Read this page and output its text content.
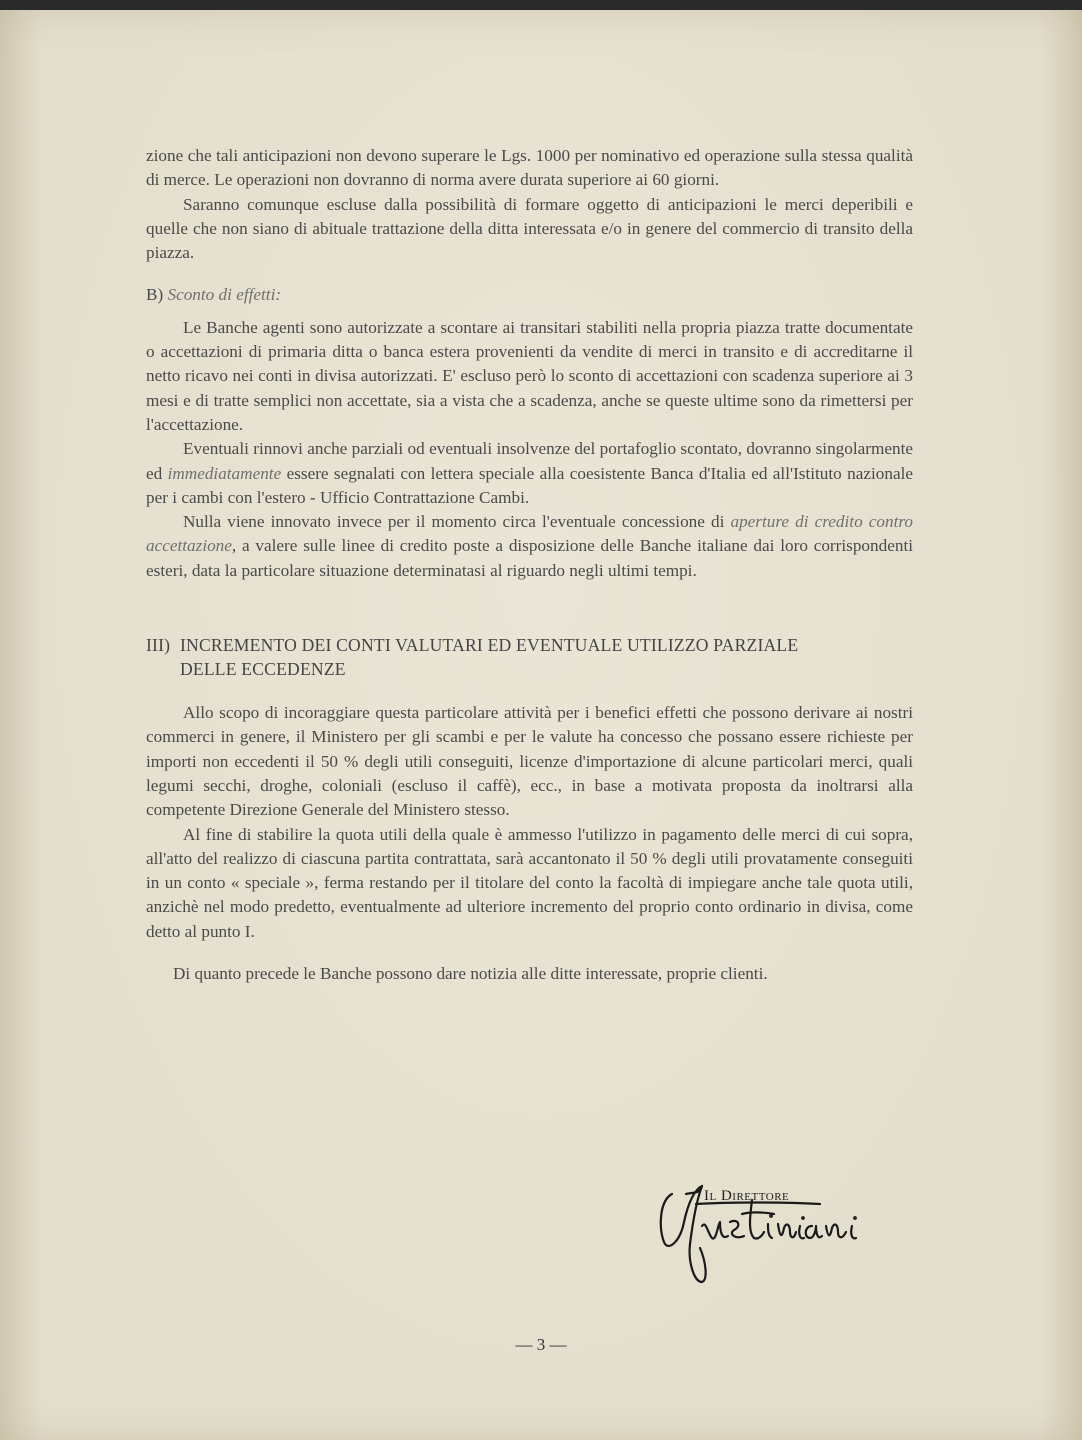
zione che tali anticipazioni non devono superare le Lgs. 1000 per nominativo ed operazione sulla stessa qualità di merce. Le operazioni non dovranno di norma avere durata superiore ai 60 giorni.

Saranno comunque escluse dalla possibilità di formare oggetto di anticipazioni le merci deperibili e quelle che non siano di abituale trattazione della ditta interessata e/o in genere del commercio di transito della piazza.

B) Sconto di effetti:

Le Banche agenti sono autorizzate a scontare ai transitari stabiliti nella propria piazza tratte documentate o accettazioni di primaria ditta o banca estera provenienti da vendite di merci in transito e di accreditarne il netto ricavo nei conti in divisa autorizzati. E' escluso però lo sconto di accettazioni con scadenza superiore ai 3 mesi e di tratte semplici non accettate, sia a vista che a scadenza, anche se queste ultime sono da rimettersi per l'accettazione.

Eventuali rinnovi anche parziali od eventuali insolvenze del portafoglio scontato, dovranno singolarmente ed immediatamente essere segnalati con lettera speciale alla coesistente Banca d'Italia ed all'Istituto nazionale per i cambi con l'estero - Ufficio Contrattazione Cambi.

Nulla viene innovato invece per il momento circa l'eventuale concessione di aperture di credito contro accettazione, a valere sulle linee di credito poste a disposizione delle Banche italiane dai loro corrispondenti esteri, data la particolare situazione determinatasi al riguardo negli ultimi tempi.

III) INCREMENTO DEI CONTI VALUTARI ED EVENTUALE UTILIZZO PARZIALE
DELLE ECCEDENZE

Allo scopo di incoraggiare questa particolare attività per i benefici effetti che possono derivare ai nostri commerci in genere, il Ministero per gli scambi e per le valute ha concesso che possano essere richieste per importi non eccedenti il 50 % degli utili conseguiti, licenze d'importazione di alcune particolari merci, quali legumi secchi, droghe, coloniali (escluso il caffè), ecc., in base a motivata proposta da inoltrarsi alla competente Direzione Generale del Ministero stesso.

Al fine di stabilire la quota utili della quale è ammesso l'utilizzo in pagamento delle merci di cui sopra, all'atto del realizzo di ciascuna partita contrattata, sarà accantonato il 50 % degli utili provatamente conseguiti in un conto « speciale », ferma restando per il titolare del conto la facoltà di impiegare anche tale quota utili, anzichè nel modo predetto, eventualmente ad ulteriore incremento del proprio conto ordinario in divisa, come detto al punto I.

Di quanto precede le Banche possono dare notizia alle ditte interessate, proprie clienti.

Il Direttore
— 3 —
